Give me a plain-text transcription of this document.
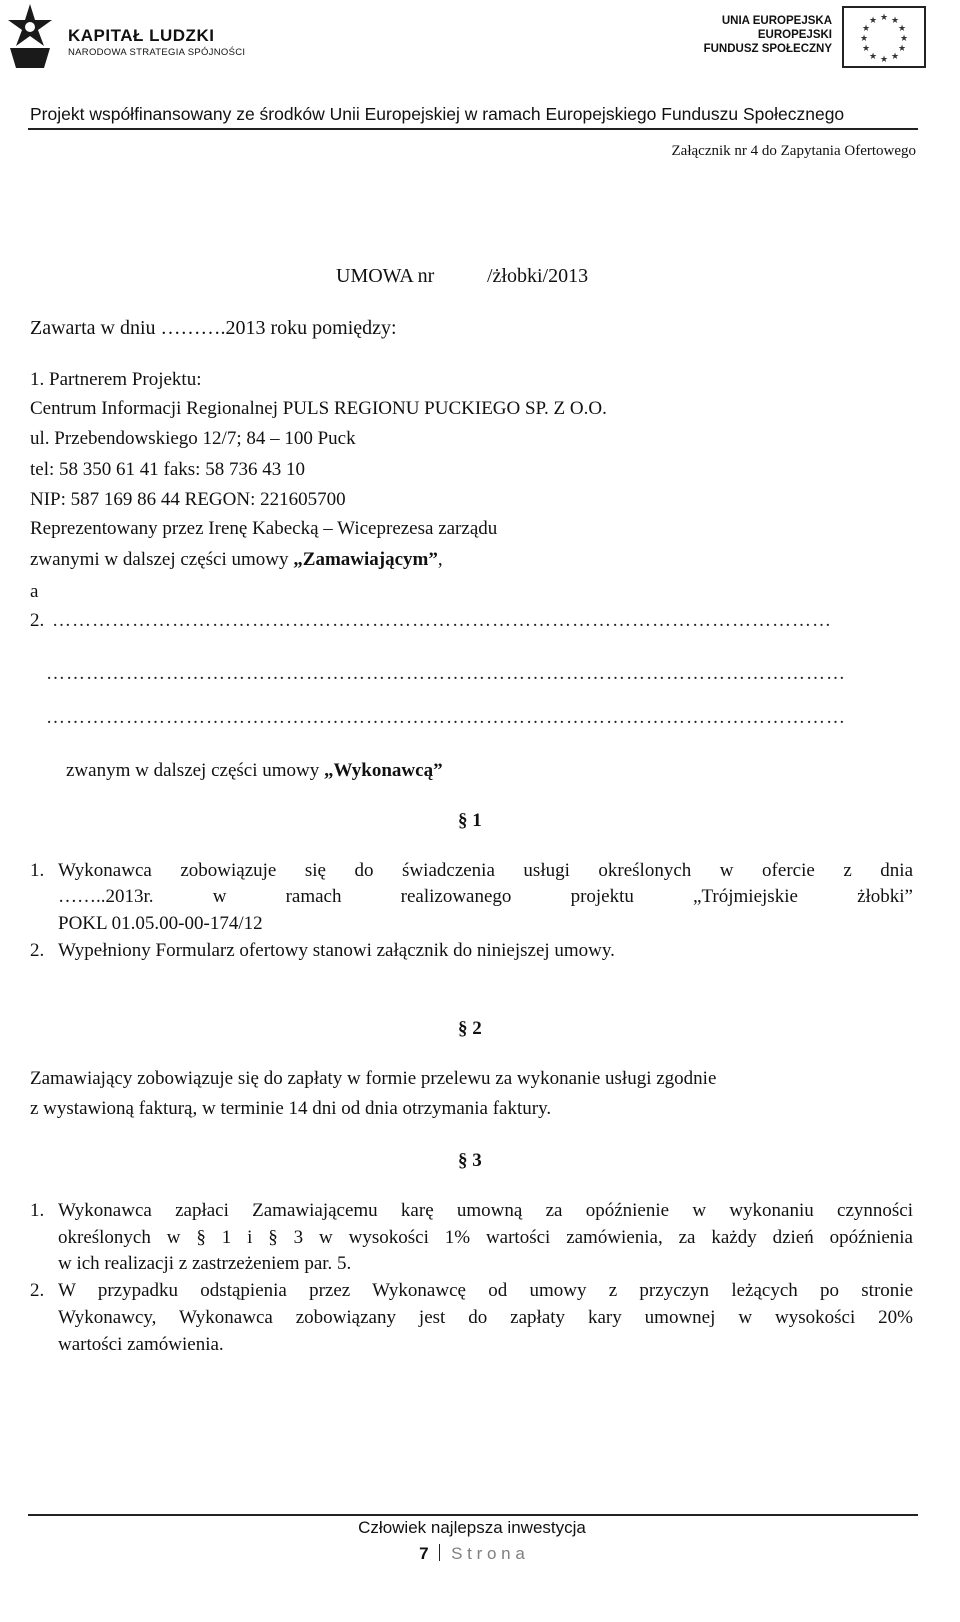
KAPITAŁ LUDZKI
NARODOWA STRATEGIA SPÓJNOŚCI
UNIA EUROPEJSKA
EUROPEJSKI
FUNDUSZ SPOŁECZNY
★ ★
★
★
★
★
★
★
★
★
★
★
Projekt współfinansowany ze środków Unii Europejskiej w ramach Europejskiego Funduszu Społecznego
Załącznik nr 4 do Zapytania Ofertowego
UMOWA nr	/żłobki/2013
Zawarta w dniu ……….2013 roku pomiędzy:
1. Partnerem Projektu:
Centrum Informacji Regionalnej PULS REGIONU PUCKIEGO SP. Z O.O.
ul. Przebendowskiego 12/7; 84 – 100 Puck
tel: 58 350 61 41 faks: 58 736 43 10
NIP: 587 169 86 44 REGON: 221605700
Reprezentowany przez Irenę Kabecką – Wiceprezesa zarządu
zwanymi w dalszej części umowy „Zamawiającym”,
a
2. ………………………………………………………………………………………………………
…………………………………………………………………………………………………………
…………………………………………………………………………………………………………
zwanym w dalszej części umowy „Wykonawcą”
§ 1
1. Wykonawca zobowiązuje się do świadczenia usługi określonych w ofercie z dnia
……..2013r. w ramach realizowanego projektu „Trójmiejskie żłobki”
POKL 01.05.00-00-174/12
2. Wypełniony Formularz ofertowy stanowi załącznik do niniejszej umowy.
§ 2
Zamawiający zobowiązuje się do zapłaty w formie przelewu za wykonanie usługi zgodnie
z wystawioną fakturą, w terminie 14 dni od dnia otrzymania faktury.
§ 3
1. Wykonawca zapłaci Zamawiającemu karę umowną za opóźnienie w wykonaniu czynności
określonych w § 1 i § 3 w wysokości 1% wartości zamówienia, za każdy dzień opóźnienia
w ich realizacji z zastrzeżeniem par. 5.
2. W przypadku odstąpienia przez Wykonawcę od umowy z przyczyn leżących po stronie
Wykonawcy, Wykonawca zobowiązany jest do zapłaty kary umownej w wysokości 20%
wartości zamówienia.
Człowiek najlepsza inwestycja
7 S t r o n a
